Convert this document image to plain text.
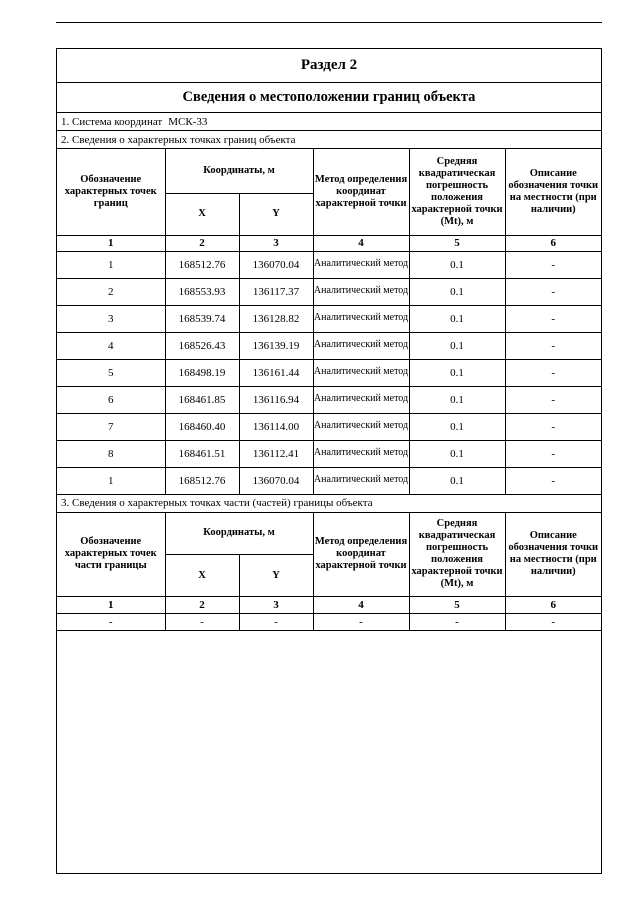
Раздел 2
Сведения о местоположении границ объекта
1. Система координат МСК-33
2. Сведения о характерных точках границ объекта
Обозначение характерных точек границ	Координаты, м		Метод определения координат характерной точки	Средняя квадратическая погрешность положения характерной точки (Mt), м	Описание обозначения точки на местности (при наличии)
	X	Y			
1	2	3	4	5	6
1	168512.76	136070.04	Аналитический метод	0.1	-
2	168553.93	136117.37	Аналитический метод	0.1	-
3	168539.74	136128.82	Аналитический метод	0.1	-
4	168526.43	136139.19	Аналитический метод	0.1	-
5	168498.19	136161.44	Аналитический метод	0.1	-
6	168461.85	136116.94	Аналитический метод	0.1	-
7	168460.40	136114.00	Аналитический метод	0.1	-
8	168461.51	136112.41	Аналитический метод	0.1	-
1	168512.76	136070.04	Аналитический метод	0.1	-
3. Сведения о характерных точках части (частей) границы объекта
Обозначение характерных точек части границы	Координаты, м		Метод определения координат характерной точки	Средняя квадратическая погрешность положения характерной точки (Mt), м	Описание обозначения точки на местности (при наличии)
	X	Y			
1	2	3	4	5	6
-	-	-	-	-	-
